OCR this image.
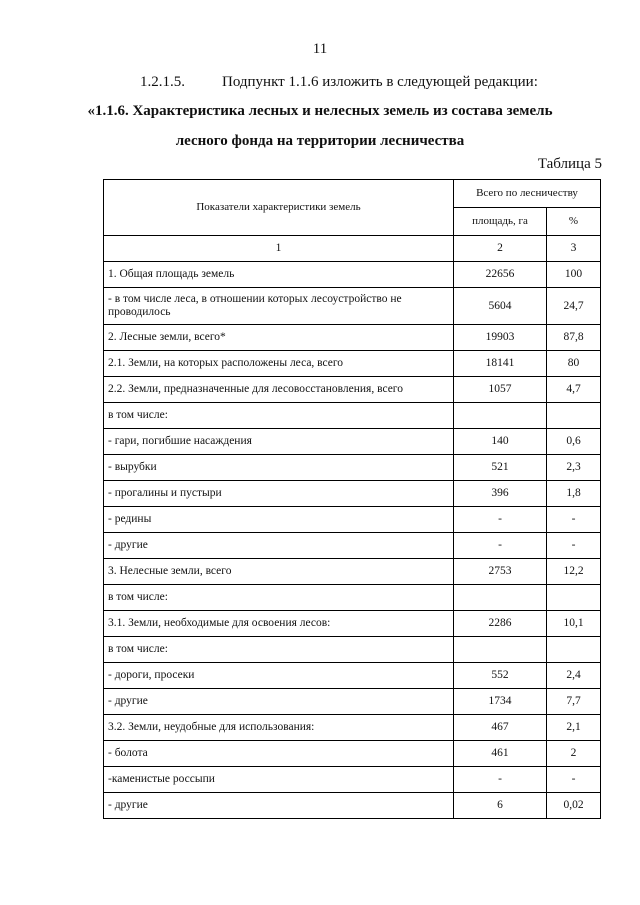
11
1.2.1.5. Подпункт 1.1.6 изложить в следующей редакции:
«1.1.6. Характеристика лесных и нелесных земель из состава земель
лесного фонда на территории лесничества
Таблица 5
Показатели характеристики земель	Всего по лесничеству	
	площадь, га	%
1	2	3
1. Общая площадь земель	22656	100
- в том числе леса, в отношении которых лесоустройство не проводилось	5604	24,7
2. Лесные земли, всего*	19903	87,8
2.1. Земли, на которых расположены леса, всего	18141	80
2.2. Земли, предназначенные для лесовосстановления, всего	1057	4,7
в том числе:		
- гари, погибшие насаждения	140	0,6
- вырубки	521	2,3
- прогалины и пустыри	396	1,8
- редины	-	-
- другие	-	-
3. Нелесные земли, всего	2753	12,2
в том числе:		
3.1. Земли, необходимые для освоения лесов:	2286	10,1
в том числе:		
- дороги, просеки	552	2,4
- другие	1734	7,7
3.2. Земли, неудобные для использования:	467	2,1
- болота	461	2
-каменистые россыпи	-	-
- другие	6	0,02
